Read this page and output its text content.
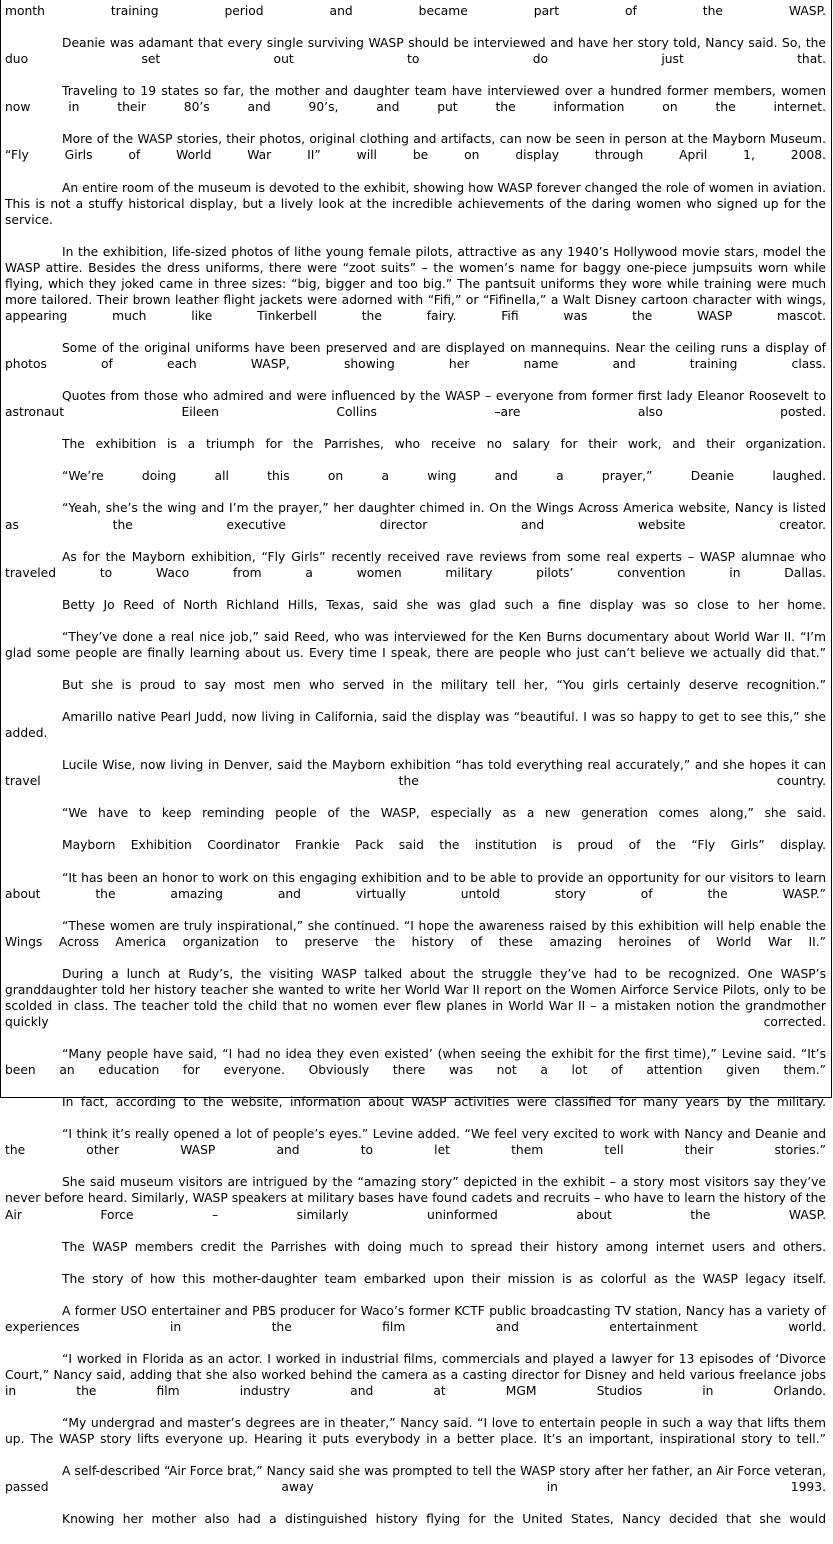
month training period and became part of the WASP.

Deanie was adamant that every single surviving WASP should be interviewed and have her story told, Nancy said. So, the duo set out to do just that.

Traveling to 19 states so far, the mother and daughter team have interviewed over a hundred former members, women now in their 80’s and 90’s, and put the information on the internet.

More of the WASP stories, their photos, original clothing and artifacts, can now be seen in person at the Mayborn Museum. “Fly Girls of World War II” will be on display through April 1, 2008.

An entire room of the museum is devoted to the exhibit, showing how WASP forever changed the role of women in aviation. This is not a stuffy historical display, but a lively look at the incredible achievements of the daring women who signed up for the service.

In the exhibition, life-sized photos of lithe young female pilots, attractive as any 1940’s Hollywood movie stars, model the WASP attire. Besides the dress uniforms, there were “zoot suits” – the women’s name for baggy one-piece jumpsuits worn while flying, which they joked came in three sizes: “big, bigger and too big.” The pantsuit uniforms they wore while training were much more tailored. Their brown leather flight jackets were adorned with “Fifi,” or “Fifinella,” a Walt Disney cartoon character with wings, appearing much like Tinkerbell the fairy. Fifi was the WASP mascot.

Some of the original uniforms have been preserved and are displayed on mannequins. Near the ceiling runs a display of photos of each WASP, showing her name and training class.

Quotes from those who admired and were influenced by the WASP – everyone from former first lady Eleanor Roosevelt to astronaut Eileen Collins –are also posted.

The exhibition is a triumph for the Parrishes, who receive no salary for their work, and their organization.

“We’re doing all this on a wing and a prayer,” Deanie laughed.

“Yeah, she’s the wing and I’m the prayer,” her daughter chimed in. On the Wings Across America website, Nancy is listed as the executive director and website creator.

As for the Mayborn exhibition, “Fly Girls” recently received rave reviews from some real experts – WASP alumnae who traveled to Waco from a women military pilots’ convention in Dallas.

Betty Jo Reed of North Richland Hills, Texas, said she was glad such a fine display was so close to her home.

“They’ve done a real nice job,” said Reed, who was interviewed for the Ken Burns documentary about World War II. “I’m glad some people are finally learning about us. Every time I speak, there are people who just can’t believe we actually did that.”

But she is proud to say most men who served in the military tell her, “You girls certainly deserve recognition.”

Amarillo native Pearl Judd, now living in California, said the display was “beautiful. I was so happy to get to see this,” she added.

Lucile Wise, now living in Denver, said the Mayborn exhibition “has told everything real accurately,” and she hopes it can travel the country.

“We have to keep reminding people of the WASP, especially as a new generation comes along,” she said.

Mayborn Exhibition Coordinator Frankie Pack said the institution is proud of the “Fly Girls” display.

“It has been an honor to work on this engaging exhibition and to be able to provide an opportunity for our visitors to learn about the amazing and virtually untold story of the WASP.”

“These women are truly inspirational,” she continued. “I hope the awareness raised by this exhibition will help enable the Wings Across America organization to preserve the history of these amazing heroines of World War II.”

During a lunch at Rudy’s, the visiting WASP talked about the struggle they’ve had to be recognized. One WASP’s granddaughter told her history teacher she wanted to write her World War II report on the Women Airforce Service Pilots, only to be scolded in class. The teacher told the child that no women ever flew planes in World War II – a mistaken notion the grandmother quickly corrected.

“Many people have said, “I had no idea they even existed’ (when seeing the exhibit for the first time),” Levine said. “It’s been an education for everyone. Obviously there was not a lot of attention given them.”

In fact, according to the website, information about WASP activities were classified for many years by the military.

“I think it’s really opened a lot of people’s eyes.” Levine added. “We feel very excited to work with Nancy and Deanie and the other WASP and to let them tell their stories.”

She said museum visitors are intrigued by the “amazing story” depicted in the exhibit – a story most visitors say they’ve never before heard. Similarly, WASP speakers at military bases have found cadets and recruits – who have to learn the history of the Air Force – similarly uninformed about the WASP.

The WASP members credit the Parrishes with doing much to spread their history among internet users and others.

The story of how this mother-daughter team embarked upon their mission is as colorful as the WASP legacy itself.

A former USO entertainer and PBS producer for Waco’s former KCTF public broadcasting TV station, Nancy has a variety of experiences in the film and entertainment world.

“I worked in Florida as an actor. I worked in industrial films, commercials and played a lawyer for 13 episodes of ‘Divorce Court,” Nancy said, adding that she also worked behind the camera as a casting director for Disney and held various freelance jobs in the film industry and at MGM Studios in Orlando.

“My undergrad and master’s degrees are in theater,” Nancy said. “I love to entertain people in such a way that lifts them up. The WASP story lifts everyone up. Hearing it puts everybody in a better place. It’s an important, inspirational story to tell.”

A self-described “Air Force brat,” Nancy said she was prompted to tell the WASP story after her father, an Air Force veteran, passed away in 1993.

Knowing her mother also had a distinguished history flying for the United States, Nancy decided that she would
